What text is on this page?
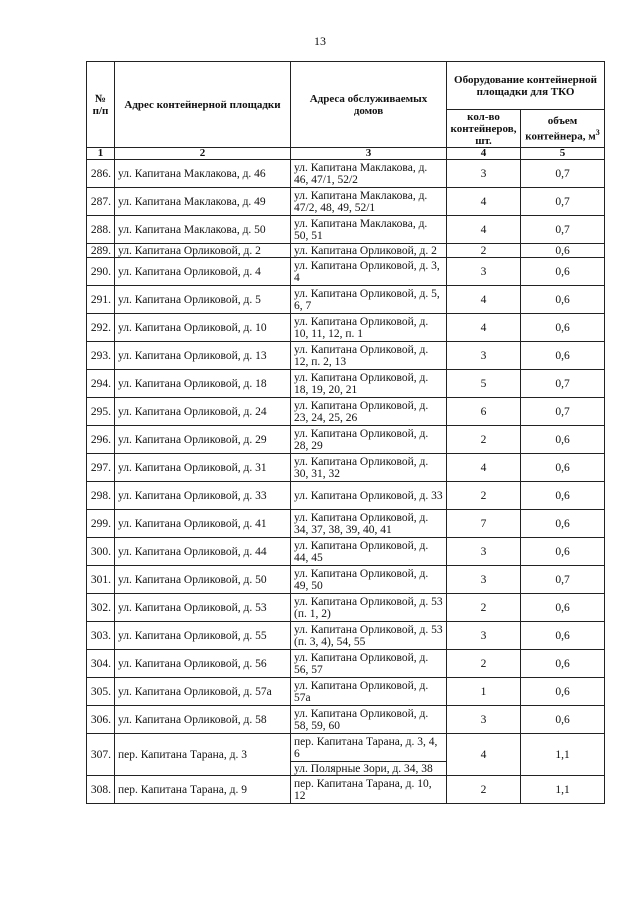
13
№ п/п	Адрес контейнерной площадки	Адреса обслуживаемых домов	Оборудование контейнерной площадки для ТКО	
			кол-во контейнеров, шт.	объем контейнера, $м^3$
1	2	3	4	5
286.	ул. Капитана Маклакова, д. 46	ул. Капитана Маклакова, д. 46, 47/1, 52/2	3	0,7
287.	ул. Капитана Маклакова, д. 49	ул. Капитана Маклакова, д. 47/2, 48, 49, 52/1	4	0,7
288.	ул. Капитана Маклакова, д. 50	ул. Капитана Маклакова, д. 50, 51	4	0,7
289.	ул. Капитана Орликовой, д. 2	ул. Капитана Орликовой, д. 2	2	0,6
290.	ул. Капитана Орликовой, д. 4	ул. Капитана Орликовой, д. 3, 4	3	0,6
291.	ул. Капитана Орликовой, д. 5	ул. Капитана Орликовой, д. 5, 6, 7	4	0,6
292.	ул. Капитана Орликовой, д. 10	ул. Капитана Орликовой, д. 10, 11, 12, п. 1	4	0,6
293.	ул. Капитана Орликовой, д. 13	ул. Капитана Орликовой, д. 12, п. 2, 13	3	0,6
294.	ул. Капитана Орликовой, д. 18	ул. Капитана Орликовой, д. 18, 19, 20, 21	5	0,7
295.	ул. Капитана Орликовой, д. 24	ул. Капитана Орликовой, д. 23, 24, 25, 26	6	0,7
296.	ул. Капитана Орликовой, д. 29	ул. Капитана Орликовой, д. 28, 29	2	0,6
297.	ул. Капитана Орликовой, д. 31	ул. Капитана Орликовой, д. 30, 31, 32	4	0,6
298.	ул. Капитана Орликовой, д. 33	ул. Капитана Орликовой, д. 33	2	0,6
299.	ул. Капитана Орликовой, д. 41	ул. Капитана Орликовой, д. 34, 37, 38, 39, 40, 41	7	0,6
300.	ул. Капитана Орликовой, д. 44	ул. Капитана Орликовой, д. 44, 45	3	0,6
301.	ул. Капитана Орликовой, д. 50	ул. Капитана Орликовой, д. 49, 50	3	0,7
302.	ул. Капитана Орликовой, д. 53	ул. Капитана Орликовой, д. 53 (п. 1, 2)	2	0,6
303.	ул. Капитана Орликовой, д. 55	ул. Капитана Орликовой, д. 53 (п. 3, 4), 54, 55	3	0,6
304.	ул. Капитана Орликовой, д. 56	ул. Капитана Орликовой, д. 56, 57	2	0,6
305.	ул. Капитана Орликовой, д. 57а	ул. Капитана Орликовой, д. 57а	1	0,6
306.	ул. Капитана Орликовой, д. 58	ул. Капитана Орликовой, д. 58, 59, 60	3	0,6
307.	пер. Капитана Тарана, д. 3	пер. Капитана Тарана, д. 3, 4, 6	4	1,1
		ул. Полярные Зори, д. 34, 38		
308.	пер. Капитана Тарана, д. 9	пер. Капитана Тарана, д. 10, 12	2	1,1
